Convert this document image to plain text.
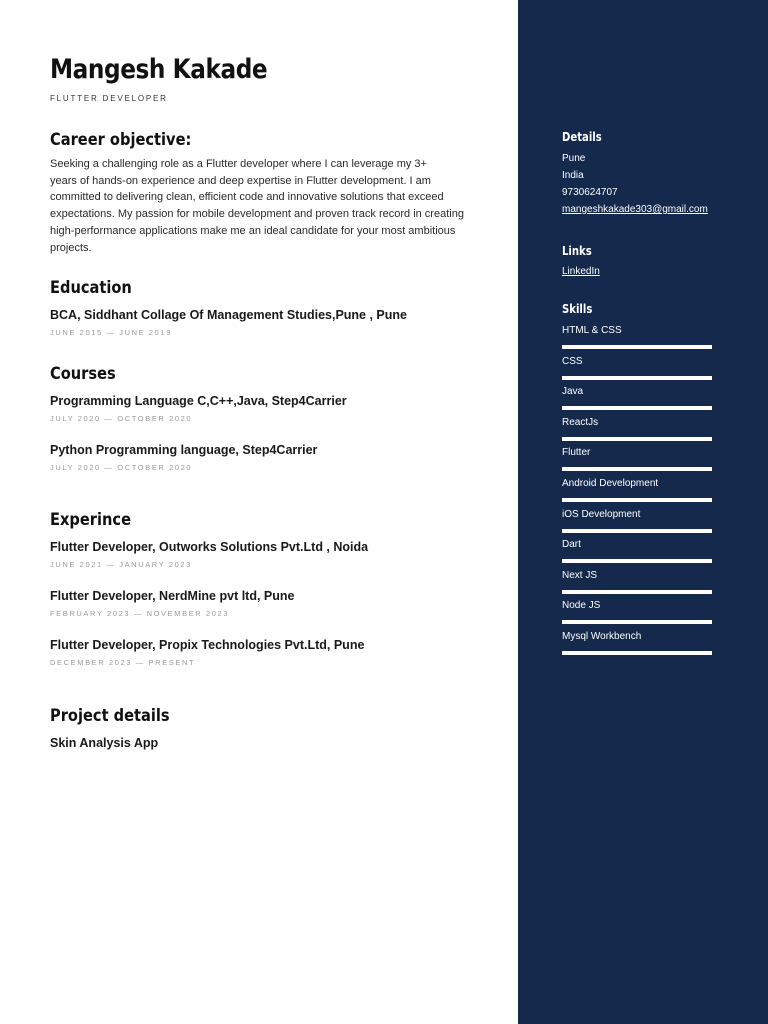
Mangesh Kakade
FLUTTER DEVELOPER
Career objective:
Seeking a challenging role as a Flutter developer where I can leverage my 3+
years of hands-on experience and deep expertise in Flutter development. I am
committed to delivering clean, efficient code and innovative solutions that exceed
expectations. My passion for mobile development and proven track record in creating
high-performance applications make me an ideal candidate for your most ambitious
projects.
Education
BCA, Siddhant Collage Of Management Studies,Pune , Pune
JUNE 2015 — JUNE 2019
Courses
Programming Language C,C++,Java, Step4Carrier
JULY 2020 — OCTOBER 2020
Python Programming language, Step4Carrier
JULY 2020 — OCTOBER 2020
Experince
Flutter Developer, Outworks Solutions Pvt.Ltd , Noida
JUNE 2021 — JANUARY 2023
Flutter Developer, NerdMine pvt ltd, Pune
FEBRUARY 2023 — NOVEMBER 2023
Flutter Developer, Propix Technologies Pvt.Ltd, Pune
DECEMBER 2023 — PRESENT
Project details
Skin Analysis App
Details
Pune
India
9730624707
mangeshkakade303@gmail.com
Links
LinkedIn
Skills
HTML & CSS
CSS
Java
ReactJs
Flutter
Android Development
iOS Development
Dart
Next JS
Node JS
Mysql Workbench
